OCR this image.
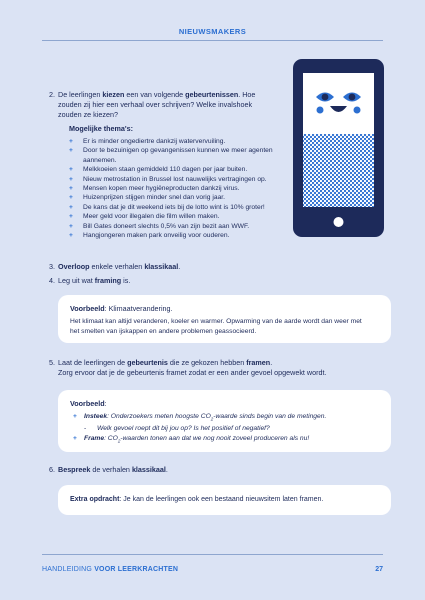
NIEUWSMAKERS
2. De leerlingen kiezen een van volgende gebeurtenissen. Hoe
zouden zij hier een verhaal over schrijven? Welke invalshoek
zouden ze kiezen?
Mogelijke thema's:
+ Er is minder ongediertre dankzij watervervuiling.
+ Door te bezuinigen op gevangenissen kunnen we meer agenten aannemen.
+ Melkkoeien staan gemiddeld 110 dagen per jaar buiten.
+ Nieuw metrostation in Brussel lost nauwelijks vertragingen op.
+ Mensen kopen meer hygiëneproducten dankzij virus.
+ Huizenprijzen stijgen minder snel dan vorig jaar.
+ De kans dat je dit weekend iets bij de lotto wint is 10% groter!
+ Meer geld voor illegalen die film willen maken.
+ Bill Gates doneert slechts 0,5% van zijn bezit aan WWF.
+ Hangjongeren maken park onveilig voor ouderen.
3. Overloop enkele verhalen klassikaal.
4. Leg uit wat framing is.

Voorbeeld: Klimaatverandering.

Het klimaat kan altijd veranderen, koeler en warmer. Opwarming van de aarde wordt dan weer met

het smelten van ijskappen en andere problemen geassocieerd.

5. Laat de leerlingen de gebeurtenis die ze gekozen hebben framen.
Zorg ervoor dat je de gebeurtenis framet zodat er een ander gevoel opgewekt wordt.

Voorbeeld:

+ Insteek: Onderzoekers meten hoogste $CO_2$-waarde sinds begin van de metingen.

- Welk gevoel roept dit bij jou op? Is het positief of negatief?

+ Frame: $CO_2$-waarden tonen aan dat we nog nooit zoveel produceren als nu!

6. Bespreek de verhalen klassikaal.

Extra opdracht: Je kan de leerlingen ook een bestaand nieuwsitem laten framen.

HANDLEIDING VOOR LEERKRACHTEN	27
